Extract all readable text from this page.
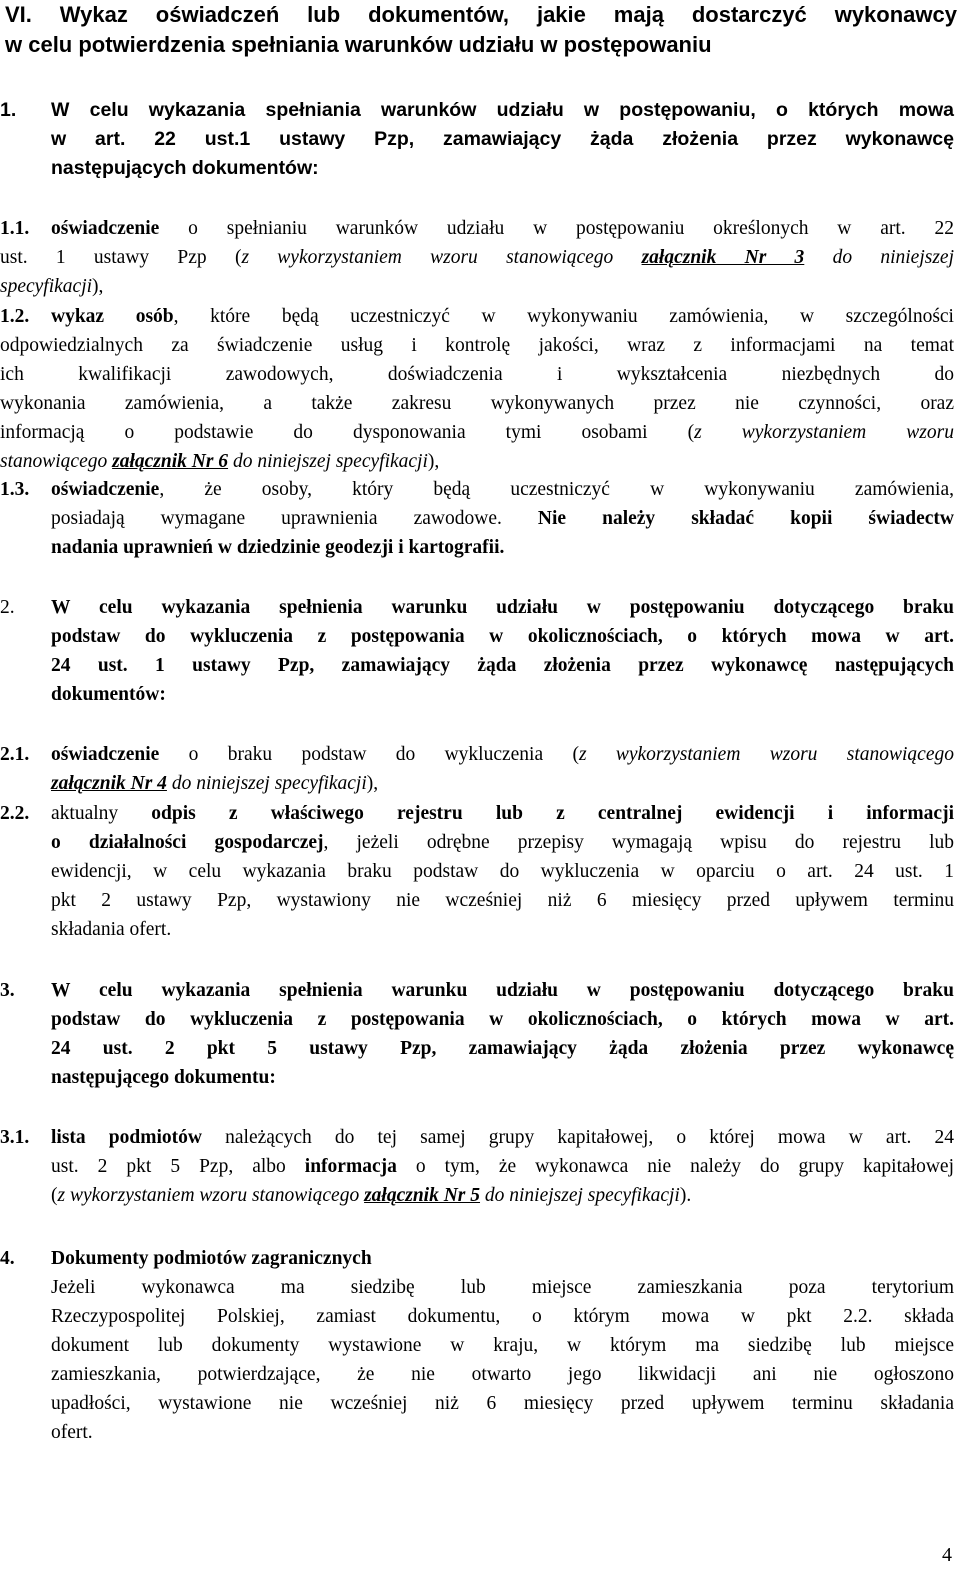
VI. Wykaz oświadczeń lub dokumentów, jakie mają dostarczyć wykonawcy
w celu potwierdzenia spełniania warunków udziału w postępowaniu
1. W celu wykazania spełniania warunków udziału w postępowaniu, o których mowa

w art. 22 ust.1 ustawy Pzp, zamawiający żąda złożenia przez wykonawcę

następujących dokumentów:

1.1. oświadczenie o spełnianiu warunków udziału w postępowaniu określonych w art. 22

ust. 1 ustawy Pzp (z wykorzystaniem wzoru stanowiącego załącznik Nr 3 do niniejszej

specyfikacji),

1.2. wykaz osób, które będą uczestniczyć w wykonywaniu zamówienia, w szczególności

odpowiedzialnych za świadczenie usług i kontrolę jakości, wraz z informacjami na temat

ich kwalifikacji zawodowych, doświadczenia i wykształcenia niezbędnych do

wykonania zamówienia, a także zakresu wykonywanych przez nie czynności, oraz

informacją o podstawie do dysponowania tymi osobami (z wykorzystaniem wzoru

stanowiącego załącznik Nr 6 do niniejszej specyfikacji),

1.3. oświadczenie, że osoby, który będą uczestniczyć w wykonywaniu zamówienia,

posiadają wymagane uprawnienia zawodowe. Nie należy składać kopii świadectw

nadania uprawnień w dziedzinie geodezji i kartografii.

2. W celu wykazania spełnienia warunku udziału w postępowaniu dotyczącego braku

podstaw do wykluczenia z postępowania w okolicznościach, o których mowa w art.

24 ust. 1 ustawy Pzp, zamawiający żąda złożenia przez wykonawcę następujących

dokumentów:

2.1. oświadczenie o braku podstaw do wykluczenia (z wykorzystaniem wzoru stanowiącego

załącznik Nr 4 do niniejszej specyfikacji),

2.2. aktualny odpis z właściwego rejestru lub z centralnej ewidencji i informacji

o działalności gospodarczej, jeżeli odrębne przepisy wymagają wpisu do rejestru lub

ewidencji, w celu wykazania braku podstaw do wykluczenia w oparciu o art. 24 ust. 1

pkt 2 ustawy Pzp, wystawiony nie wcześniej niż 6 miesięcy przed upływem terminu

składania ofert.

3. W celu wykazania spełnienia warunku udziału w postępowaniu dotyczącego braku

podstaw do wykluczenia z postępowania w okolicznościach, o których mowa w art.

24 ust. 2 pkt 5 ustawy Pzp, zamawiający żąda złożenia przez wykonawcę

następującego dokumentu:

3.1. lista podmiotów należących do tej samej grupy kapitałowej, o której mowa w art. 24

ust. 2 pkt 5 Pzp, albo informacja o tym, że wykonawca nie należy do grupy kapitałowej

(z wykorzystaniem wzoru stanowiącego załącznik Nr 5 do niniejszej specyfikacji).

4. Dokumenty podmiotów zagranicznych

Jeżeli wykonawca ma siedzibę lub miejsce zamieszkania poza terytorium

Rzeczypospolitej Polskiej, zamiast dokumentu, o którym mowa w pkt 2.2. składa

dokument lub dokumenty wystawione w kraju, w którym ma siedzibę lub miejsce

zamieszkania, potwierdzające, że nie otwarto jego likwidacji ani nie ogłoszono

upadłości, wystawione nie wcześniej niż 6 miesięcy przed upływem terminu składania

ofert.

4
